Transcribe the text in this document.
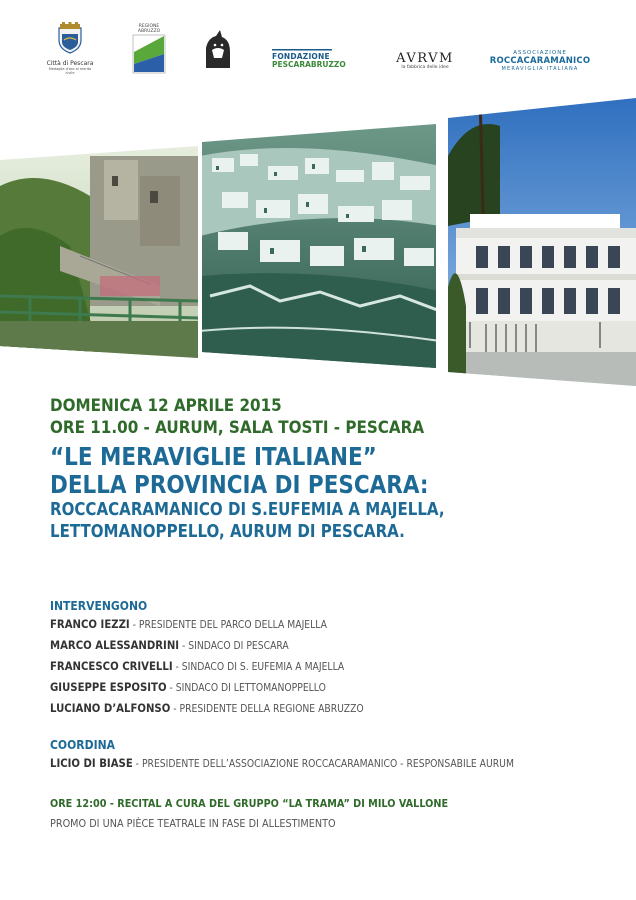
Città di Pescara
Medaglia d'oro al merito civile
REGIONE
ABRUZZO
FONDAZIONE
PESCARABRUZZO	AVRVM
la fabbrica delle idee
ASSOCIAZIONE
ROCCACARAMANICO
MERAVIGLIA ITALIANA
DOMENICA 12 APRILE 2015
ORE 11.00 - AURUM, SALA TOSTI - PESCARA
“LE MERAVIGLIE ITALIANE”
DELLA PROVINCIA DI PESCARA:
ROCCACARAMANICO DI S.EUFEMIA A MAJELLA,
LETTOMANOPPELLO, AURUM DI PESCARA.
INTERVENGONO
FRANCO IEZZI - PRESIDENTE DEL PARCO DELLA MAJELLA
MARCO ALESSANDRINI - SINDACO DI PESCARA
FRANCESCO CRIVELLI - SINDACO DI S. EUFEMIA A MAJELLA
GIUSEPPE ESPOSITO - SINDACO DI LETTOMANOPPELLO
LUCIANO D’ALFONSO - PRESIDENTE DELLA REGIONE ABRUZZO
COORDINA
LICIO DI BIASE - PRESIDENTE DELL’ASSOCIAZIONE ROCCACARAMANICO - RESPONSABILE AURUM
ORE 12:00 - RECITAL A CURA DEL GRUPPO “LA TRAMA” DI MILO VALLONE
PROMO DI UNA PIÈCE TEATRALE IN FASE DI ALLESTIMENTO
